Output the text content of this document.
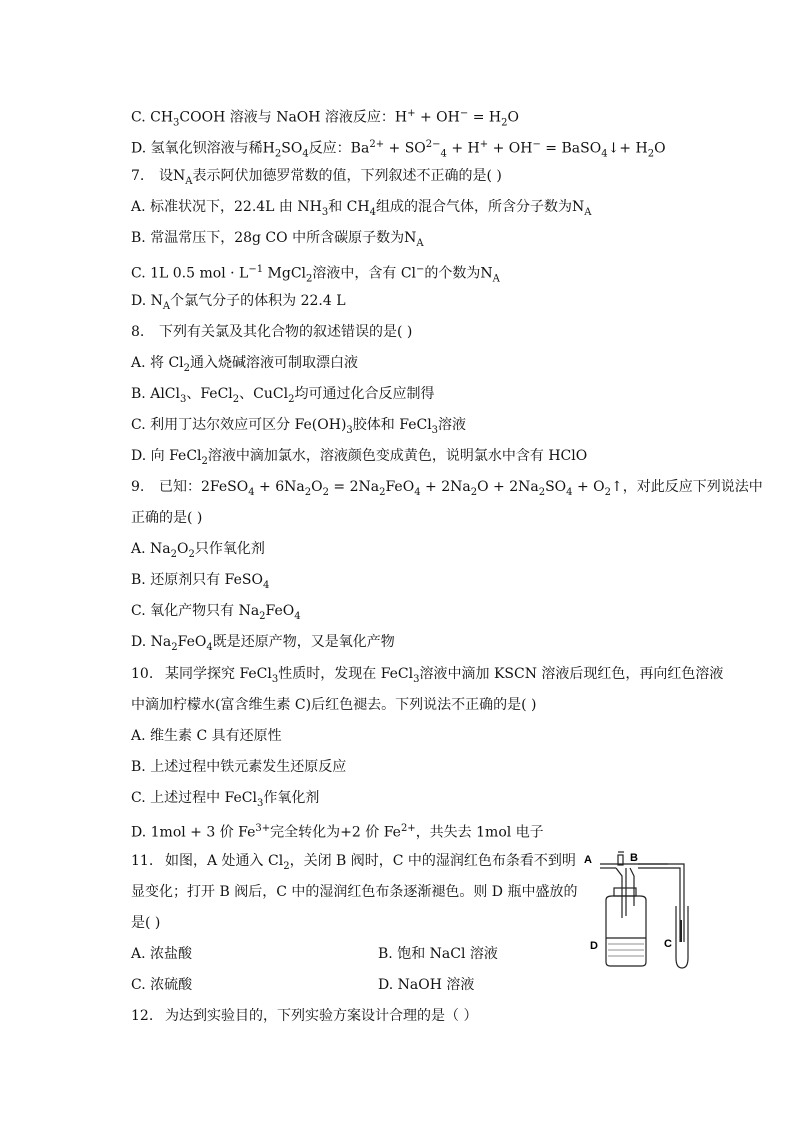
C. $CH_3COOH$ 溶液与 NaOH 溶液反应：$H^+ + OH^- = H_2O$
D. 氢氧化钡溶液与稀$H_2SO_4$反应：$Ba^{2+} + SO^{2-}_4 + H^+ + OH^-$ = BaSO$_4$↓+ $H_2O$
7. 设$N_A$表示阿伏加德罗常数的值，下列叙述不正确的是( )
A. 标准状况下，22.4L 由 $NH_3$和 $CH_4$组成的混合气体，所含分子数为$N_A$
B. 常温常压下，28g CO 中所含碳原子数为$N_A$
C. 1L 0.5 mol · $L^{-1}$ MgCl$_2$溶液中，含有 Cl−的个数为$N_A$
D. $N_A$个氯气分子的体积为 22.4 L
8. 下列有关氯及其化合物的叙述错误的是( )
A. 将 $Cl_2$通入烧碱溶液可制取漂白液
B. AlCl$_3$、FeCl$_2$、CuCl$_2$均可通过化合反应制得
C. 利用丁达尔效应可区分 $Fe(OH)_3$胶体和 FeCl$_3$溶液
D. 向 FeCl$_2$溶液中滴加氯水，溶液颜色变成黄色，说明氯水中含有 HClO
9. 已知：2FeSO$_4$ + $6Na_2O_2 = 2Na_2FeO_4 + 2Na_2O + 2Na_2SO_4$ + $O_2↑$，对此反应下列说法中
正确的是( )
A. $Na_2O_2$只作氧化剂
B. 还原剂只有 FeSO$_4$
C. 氧化产物只有 $Na_2FeO_4$
D. $Na_2FeO_4$既是还原产物，又是氧化产物
10. 某同学探究 FeCl$_3$性质时，发现在 FeCl$_3$溶液中滴加 KSCN 溶液后现红色，再向红色溶液
中滴加柠檬水(富含维生素 C)后红色褪去。下列说法不正确的是( )
A. 维生素 C 具有还原性
B. 上述过程中铁元素发生还原反应
C. 上述过程中 FeCl$_3$作氧化剂
D. 1mol + 3 价 $Fe^{3+}$完全转化为+2 价 $Fe^{2+}$，共失去 1mol 电子
11. 如图，A 处通入 $Cl_2$，关闭 B 阀时，C 中的湿润红色布条看不到明
显变化；打开 B 阀后，C 中的湿润红色布条逐渐褪色。则 D 瓶中盛放的
是( )
A. 浓盐酸	B. 饱和 NaCl 溶液
C. 浓硫酸	D. NaOH 溶液
A	B
D	C
12. 为达到实验目的，下列实验方案设计合理的是（ ）
